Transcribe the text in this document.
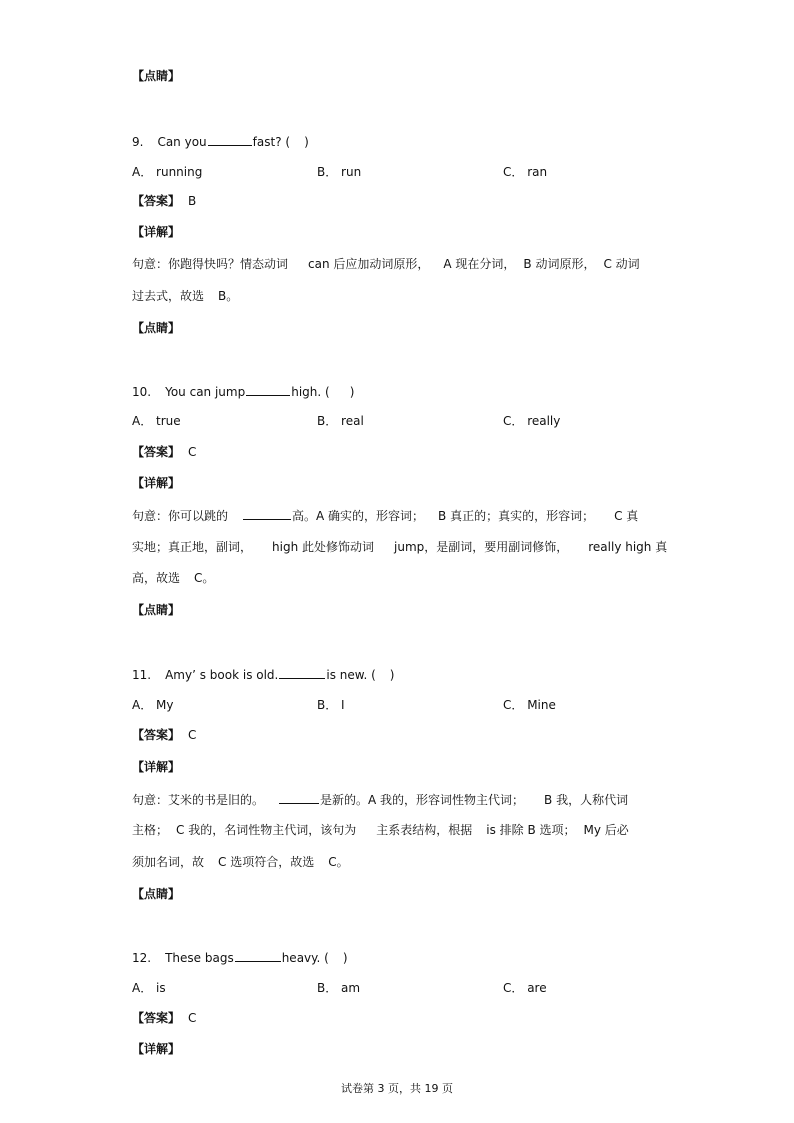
【点睛】
9. Can you	fast? ( )
A． running	B． run	C． ran
【答案】 B
【详解】
句意：你跑得快吗？情态动词 can 后应加动词原形， A 现在分词， B 动词原形， C 动词
过去式，故选 B。
【点睛】
10. You can jump	high. ( )
A． true	B． real	C． really
【答案】 C
【详解】
句意：你可以跳的	高。A 确实的，形容词； B 真正的；真实的，形容词； C 真
实地；真正地，副词， high 此处修饰动词 jump，是副词，要用副词修饰， really high 真
高，故选 C。
【点睛】
11. Amy’ s book is old.	is new. ( )
A． My	B． I	C． Mine
【答案】 C
【详解】
句意：艾米的书是旧的。	是新的。A 我的，形容词性物主代词； B 我，人称代词
主格； C 我的，名词性物主代词，该句为 主系表结构，根据 is 排除 B 选项； My 后必
须加名词，故 C 选项符合，故选 C。
【点睛】
12. These bags	heavy. ( )
A． is	B． am	C． are
【答案】 C
【详解】
试卷第 3 页，共 19 页
